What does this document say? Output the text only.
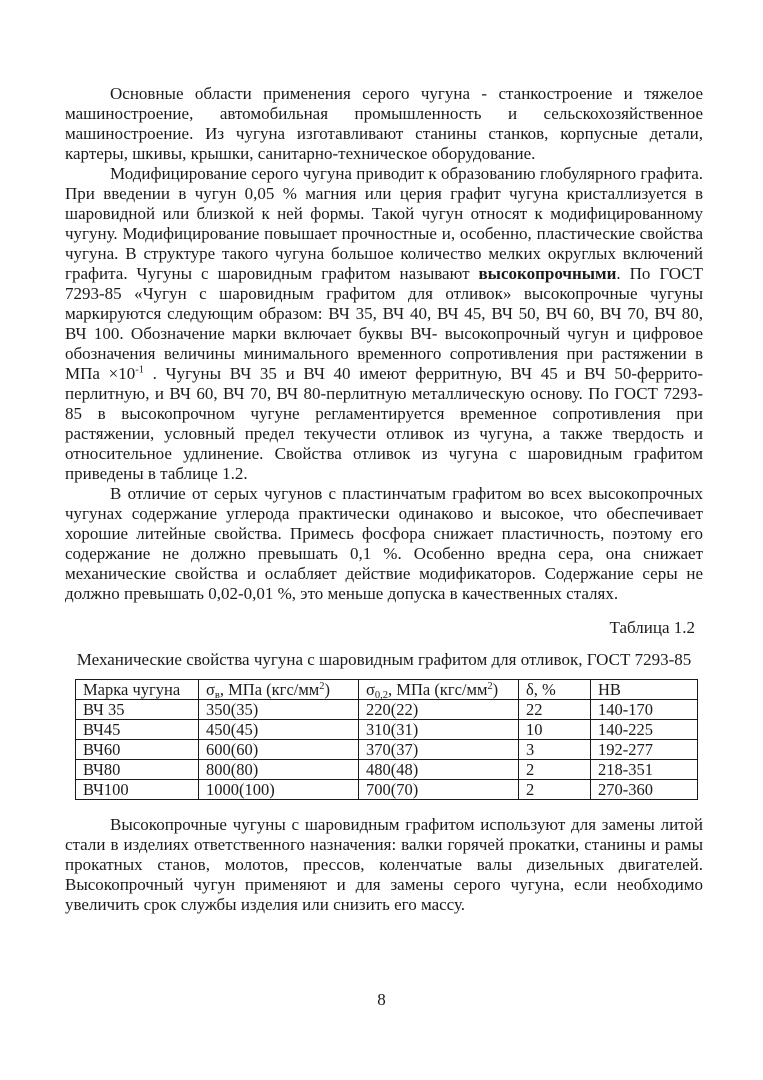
Основные области применения серого чугуна - станкостроение и тяжелое машиностроение, автомобильная промышленность и сельскохозяйственное машиностроение. Из чугуна изготавливают станины станков, корпусные детали, картеры, шкивы, крышки, санитарно-техническое оборудование.

Модифицирование серого чугуна приводит к образованию глобулярного графита. При введении в чугун 0,05 % магния или церия графит чугуна кристаллизуется в шаровидной или близкой к ней формы. Такой чугун относят к модифицированному чугуну. Модифицирование повышает прочностные и, особенно, пластические свойства чугуна. В структуре такого чугуна большое количество мелких округлых включений графита. Чугуны с шаровидным графитом называют высокопрочными. По ГОСТ 7293-85 «Чугун с шаровидным графитом для отливок» высокопрочные чугуны маркируются следующим образом: ВЧ 35, ВЧ 40, ВЧ 45, ВЧ 50, ВЧ 60, ВЧ 70, ВЧ 80, ВЧ 100. Обозначение марки включает буквы ВЧ- высокопрочный чугун и цифровое обозначения величины минимального временного сопротивления при растяжении в МПа $\times 10^{-1}$ . Чугуны ВЧ 35 и ВЧ 40 имеют ферритную, ВЧ 45 и ВЧ 50-феррито-перлитную, и ВЧ 60, ВЧ 70, ВЧ 80-перлитную металлическую основу. По ГОСТ 7293-85 в высокопрочном чугуне регламентируется временное сопротивления при растяжении, условный предел текучести отливок из чугуна, а также твердость и относительное удлинение. Свойства отливок из чугуна с шаровидным графитом приведены в таблице 1.2.

В отличие от серых чугунов с пластинчатым графитом во всех высокопрочных чугунах содержание углерода практически одинаково и высокое, что обеспечивает хорошие литейные свойства. Примесь фосфора снижает пластичность, поэтому его содержание не должно превышать 0,1 %. Особенно вредна сера, она снижает механические свойства и ослабляет действие модификаторов. Содержание серы не должно превышать 0,02-0,01 %, это меньше допуска в качественных сталях.

Таблица 1.2

Механические свойства чугуна с шаровидным графитом для отливок, ГОСТ 7293-85

Марка чугуна	$\sigma_в$, МПа $(кгс/мм^2)$	$\sigma_{0,2}$, МПа $(кгс/мм^2)$	δ, %	НВ
ВЧ 35	350(35)	220(22)	22	140-170
ВЧ45	450(45)	310(31)	10	140-225
ВЧ60	600(60)	370(37)	3	192-277
ВЧ80	800(80)	480(48)	2	218-351
ВЧ100	1000(100)	700(70)	2	270-360

Высокопрочные чугуны с шаровидным графитом используют для замены литой стали в изделиях ответственного назначения: валки горячей прокатки, станины и рамы прокатных станов, молотов, прессов, коленчатые валы дизельных двигателей. Высокопрочный чугун применяют и для замены серого чугуна, если необходимо увеличить срок службы изделия или снизить его массу.

8
